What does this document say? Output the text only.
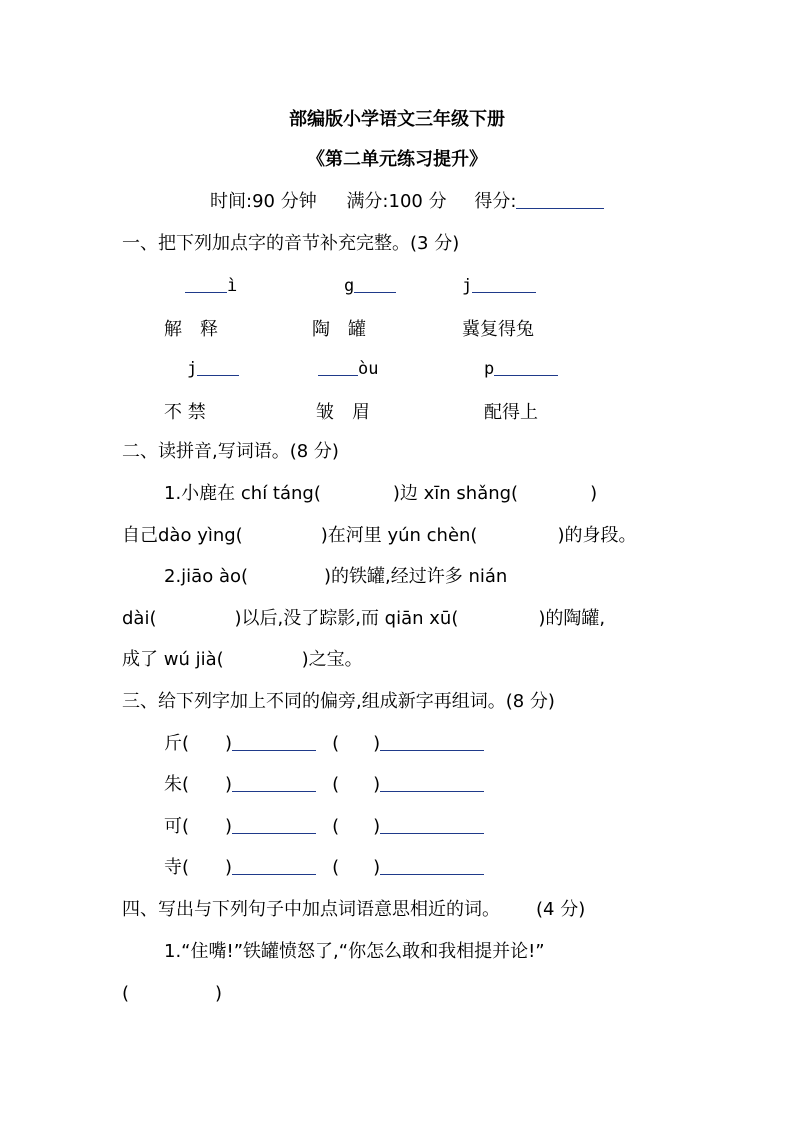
部编版小学语文三年级下册
《第二单元练习提升》
时间:90 分钟 满分:100 分 得分:
一、把下列加点字的音节补充完整。(3 分)
ì	g	j
解　释	陶　罐	冀复得兔
j	òu	p
不 禁	皱　眉	配得上
二、读拼音,写词语。(8 分)
1.小鹿在 chí táng(	)边 xīn shǎng(	)
自己dào yìng(	)在河里 yún chèn(	)的身段。
2.jiāo ào(	)的铁罐,经过许多 nián
dài(	)以后,没了踪影,而 qiān xū(	)的陶罐,
成了 wú jià(	)之宝。
三、给下列字加上不同的偏旁,组成新字再组词。(8 分)
斤( )	( )
朱( )	( )
可( )	( )
寺( )	( )
四、写出与下列句子中加点词语意思相近的词。 (4 分)
1.“住嘴!”铁罐愤怒了,“你怎么敢和我相提并论!”
(	)
